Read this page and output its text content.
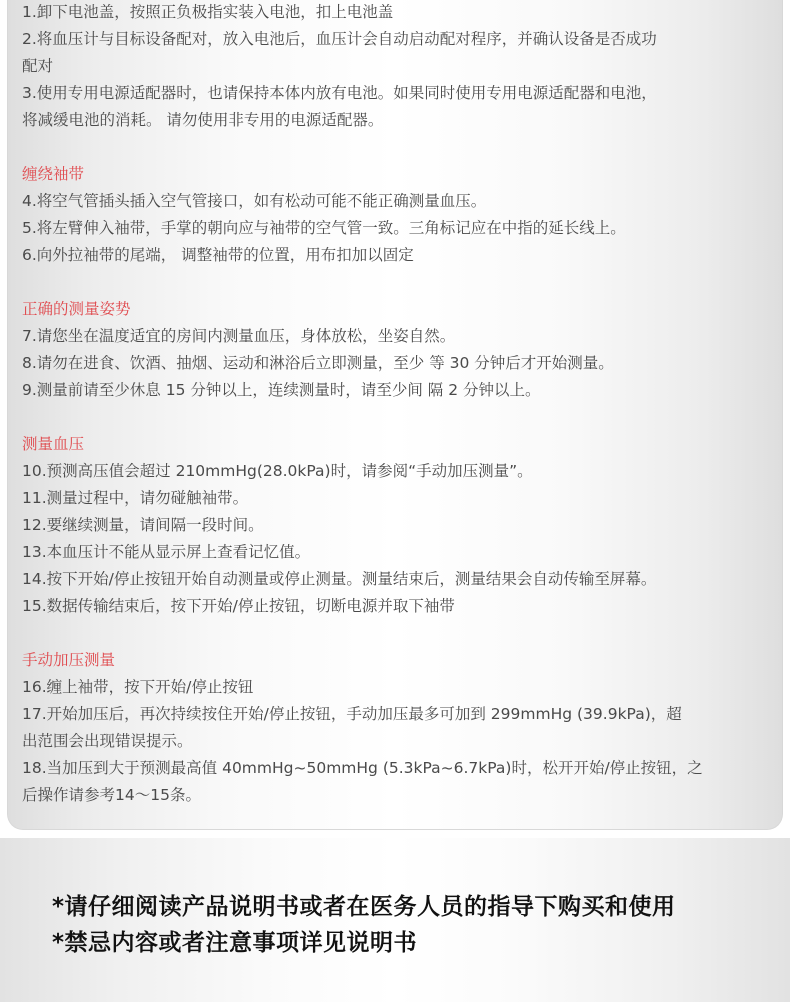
1.卸下电池盖，按照正负极指实装入电池，扣上电池盖
2.将血压计与目标设备配对，放入电池后，血压计会自动启动配对程序，并确认设备是否成功
配对
3.使用专用电源适配器时，也请保持本体内放有电池。如果同时使用专用电源适配器和电池，
将减缓电池的消耗。 请勿使用非专用的电源适配器。
缠绕袖带
4.将空气管插头插入空气管接口，如有松动可能不能正确测量血压。
5.将左臂伸入袖带，手掌的朝向应与袖带的空气管一致。三角标记应在中指的延长线上。
6.向外拉袖带的尾端， 调整袖带的位置，用布扣加以固定
正确的测量姿势
7.请您坐在温度适宜的房间内测量血压，身体放松，坐姿自然。
8.请勿在进食、饮酒、抽烟、运动和淋浴后立即测量，至少 等 30 分钟后才开始测量。
9.测量前请至少休息 15 分钟以上，连续测量时，请至少间 隔 2 分钟以上。
测量血压
10.预测高压值会超过 210mmHg(28.0kPa)时，请参阅“手动加压测量”。
11.测量过程中，请勿碰触袖带。
12.要继续测量，请间隔一段时间。
13.本血压计不能从显示屏上查看记忆值。
14.按下开始/停止按钮开始自动测量或停止测量。测量结束后，测量结果会自动传输至屏幕。
15.数据传输结束后，按下开始/停止按钮，切断电源并取下袖带
手动加压测量
16.缠上袖带，按下开始/停止按钮
17.开始加压后，再次持续按住开始/停止按钮，手动加压最多可加到 299mmHg (39.9kPa)，超
出范围会出现错误提示。
18.当加压到大于预测最高值 40mmHg~50mmHg (5.3kPa~6.7kPa)时，松开开始/停止按钮，之
后操作请参考14～15条。
*请仔细阅读产品说明书或者在医务人员的指导下购买和使用
*禁忌内容或者注意事项详见说明书
